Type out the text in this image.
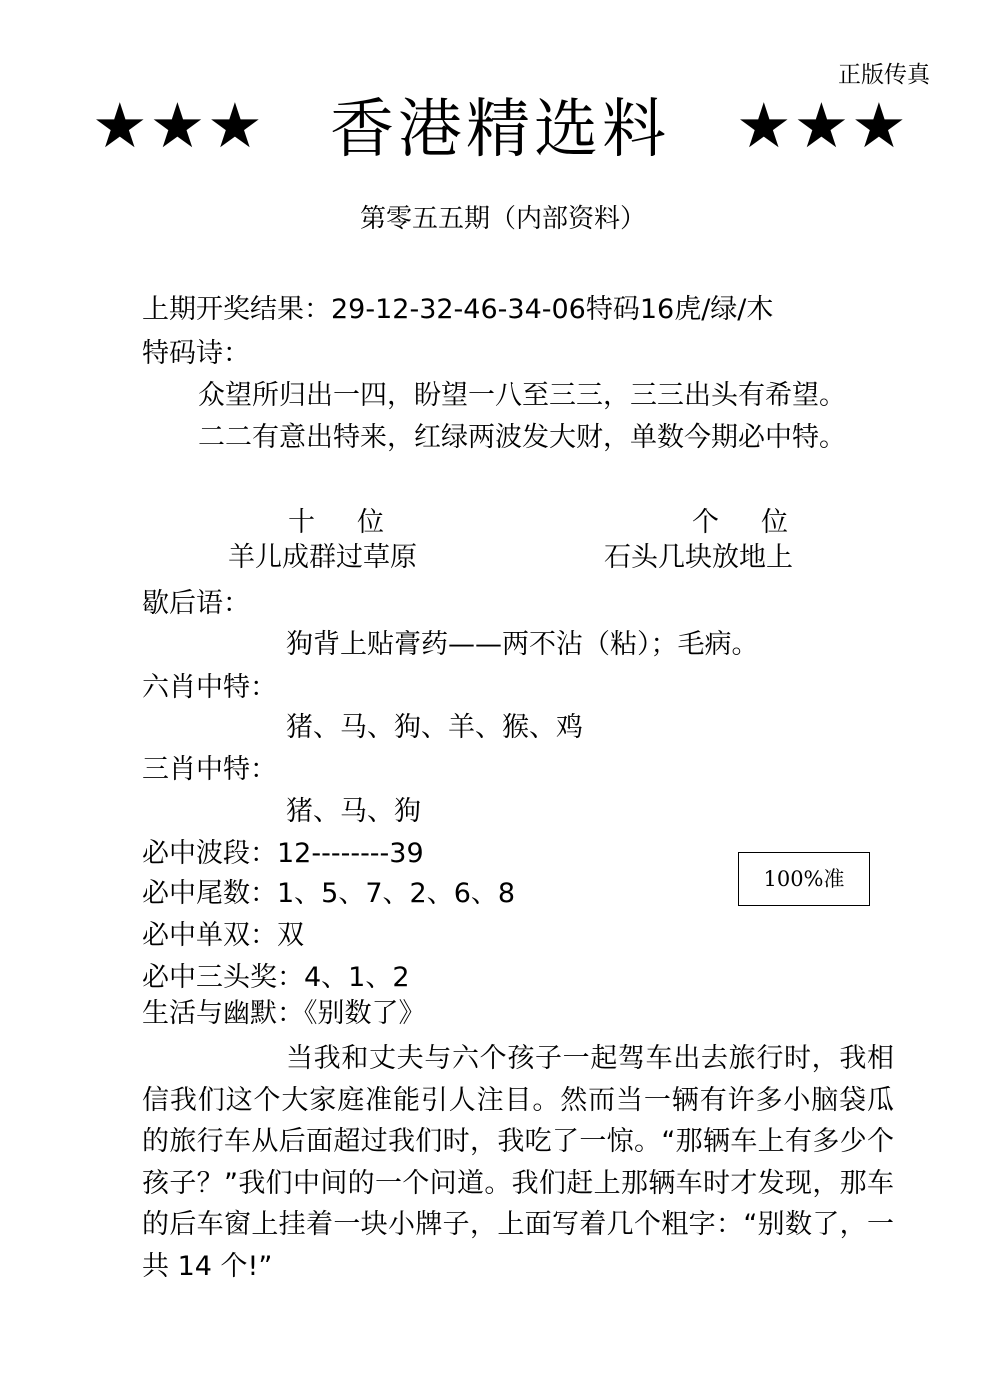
正版传真
★★★ 香港精选料 ★★★
第零五五期（内部资料）
上期开奖结果：29-12-32-46-34-06特码16虎/绿/木
特码诗：
众望所归出一四，盼望一八至三三，三三出头有希望。
二二有意出特来，红绿两波发大财，单数今期必中特。
十位	个位
羊儿成群过草原	石头几块放地上
歇后语：
狗背上贴膏药——两不沾（粘）；毛病。
六肖中特：
猪、马、狗、羊、猴、鸡
三肖中特：
猪、马、狗
必中波段：12--------39
必中尾数：1、5、7、2、6、8
必中单双：双
必中三头奖：4、1、2
100%准
生活与幽默：《别数了》
当我和丈夫与六个孩子一起驾车出去旅行时，我相信我们这个大家庭准能引人注目。然而当一辆有许多小脑袋瓜的旅行车从后面超过我们时，我吃了一惊。“那辆车上有多少个孩子？”我们中间的一个问道。我们赶上那辆车时才发现，那车的后车窗上挂着一块小牌子，上面写着几个粗字：“别数了，一共 14 个!”
